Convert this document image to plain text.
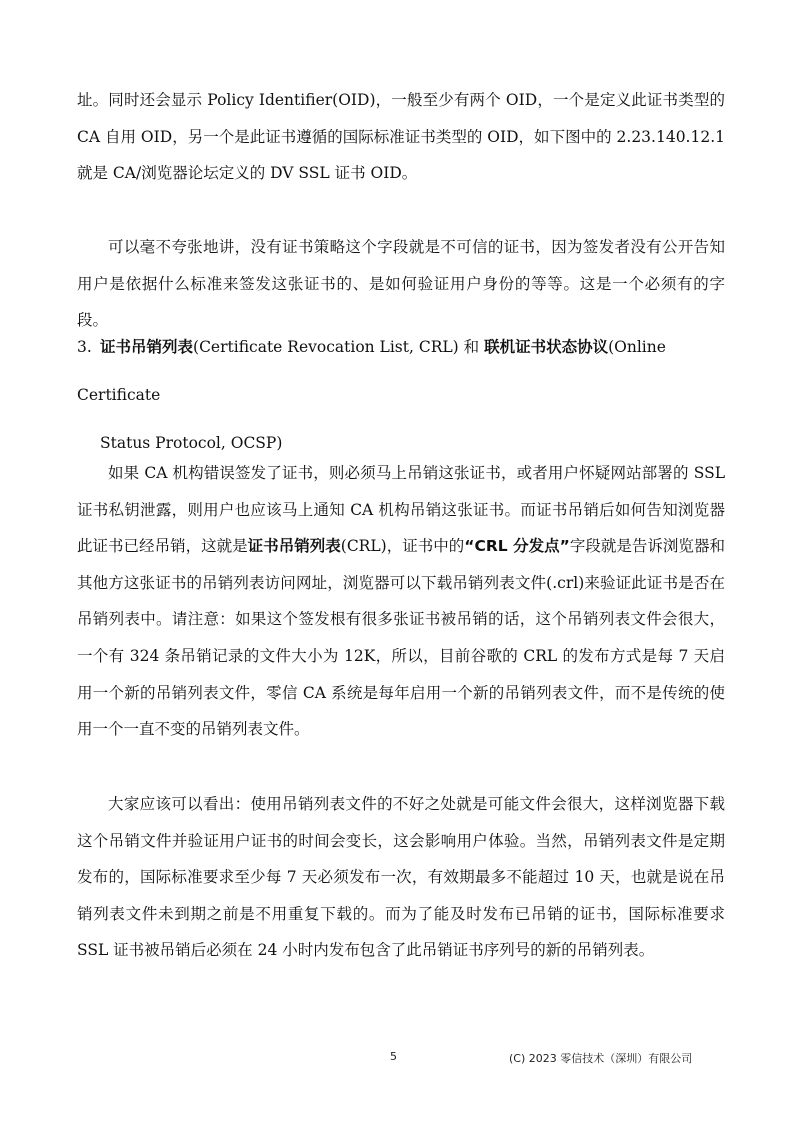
址。同时还会显示 Policy Identifier(OID)，一般至少有两个 OID，一个是定义此证书类型的 CA 自用 OID，另一个是此证书遵循的国际标准证书类型的 OID，如下图中的 2.23.140.12.1 就是 CA/浏览器论坛定义的 DV SSL 证书 OID。

可以毫不夸张地讲，没有证书策略这个字段就是不可信的证书，因为签发者没有公开告知用户是依据什么标准来签发这张证书的、是如何验证用户身份的等等。这是一个必须有的字段。

3. 证书吊销列表(Certificate Revocation List, CRL) 和 联机证书状态协议(Online Certificate
Status Protocol, OCSP)

如果 CA 机构错误签发了证书，则必须马上吊销这张证书，或者用户怀疑网站部署的 SSL 证书私钥泄露，则用户也应该马上通知 CA 机构吊销这张证书。而证书吊销后如何告知浏览器此证书已经吊销，这就是证书吊销列表(CRL)，证书中的“CRL 分发点”字段就是告诉浏览器和其他方这张证书的吊销列表访问网址，浏览器可以下载吊销列表文件(.crl)来验证此证书是否在吊销列表中。请注意：如果这个签发根有很多张证书被吊销的话，这个吊销列表文件会很大，一个有 324 条吊销记录的文件大小为 12K，所以，目前谷歌的 CRL 的发布方式是每 7 天启用一个新的吊销列表文件，零信 CA 系统是每年启用一个新的吊销列表文件，而不是传统的使用一个一直不变的吊销列表文件。

大家应该可以看出：使用吊销列表文件的不好之处就是可能文件会很大，这样浏览器下载这个吊销文件并验证用户证书的时间会变长，这会影响用户体验。当然，吊销列表文件是定期发布的，国际标准要求至少每 7 天必须发布一次，有效期最多不能超过 10 天，也就是说在吊销列表文件未到期之前是不用重复下载的。而为了能及时发布已吊销的证书，国际标准要求 SSL 证书被吊销后必须在 24 小时内发布包含了此吊销证书序列号的新的吊销列表。

5	(C) 2023 零信技术（深圳）有限公司
